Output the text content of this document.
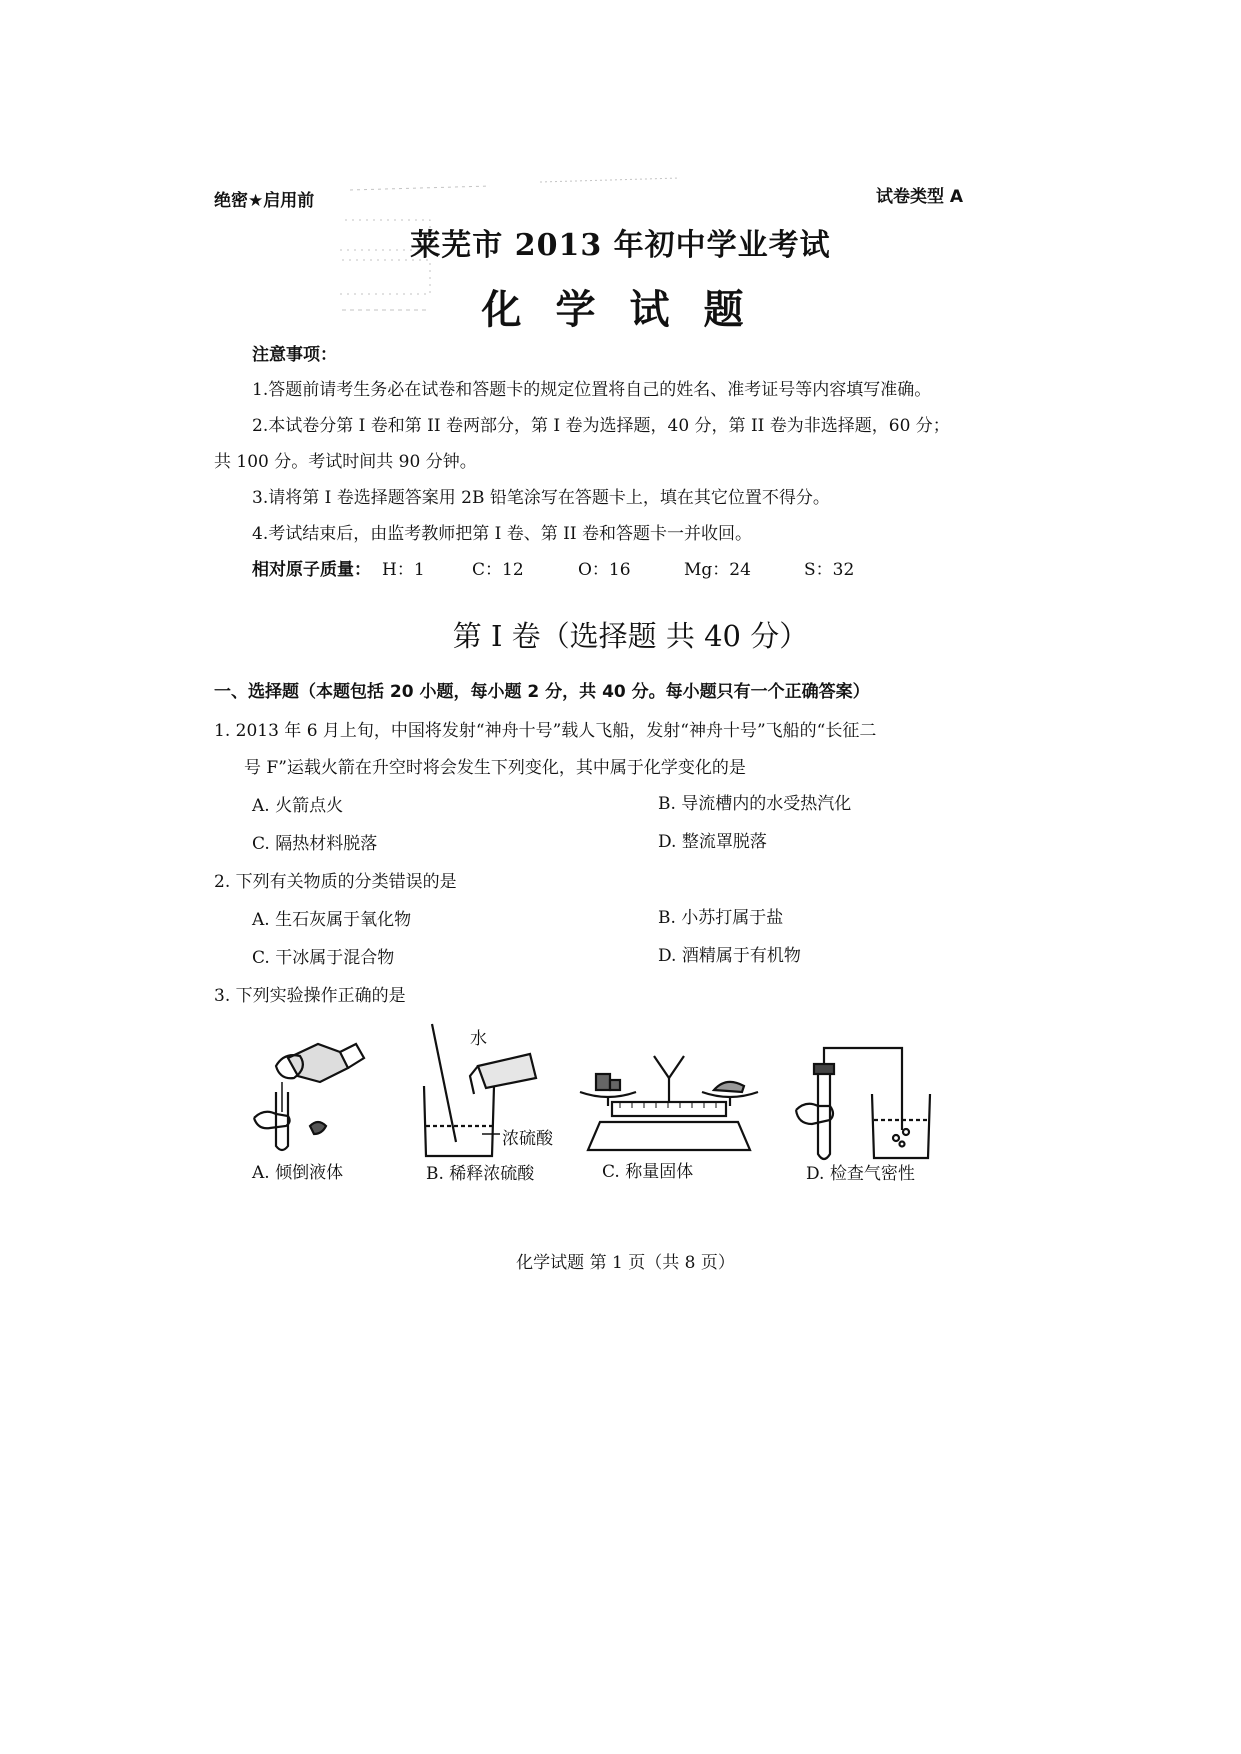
绝密★启用前	试卷类型 A
莱芜市 2013 年初中学业考试
化学试题
注意事项：
1.答题前请考生务必在试卷和答题卡的规定位置将自己的姓名、准考证号等内容填写准确。
2.本试卷分第 I 卷和第 II 卷两部分，第 I 卷为选择题，40 分，第 II 卷为非选择题，60 分；
共 100 分。考试时间共 90 分钟。
3.请将第 I 卷选择题答案用 2B 铅笔涂写在答题卡上，填在其它位置不得分。
4.考试结束后，由监考教师把第 I 卷、第 II 卷和答题卡一并收回。
相对原子质量： H：1	C：12	O：16	Mg：24	S：32
第 I 卷（选择题 共 40 分）
一、选择题（本题包括 20 小题，每小题 2 分，共 40 分。每小题只有一个正确答案）
1. 2013 年 6 月上旬，中国将发射“神舟十号”载人飞船，发射“神舟十号”飞船的“长征二
号 F”运载火箭在升空时将会发生下列变化，其中属于化学变化的是
A. 火箭点火	B. 导流槽内的水受热汽化
C. 隔热材料脱落	D. 整流罩脱落
2. 下列有关物质的分类错误的是
A. 生石灰属于氧化物	B. 小苏打属于盐
C. 干冰属于混合物	D. 酒精属于有机物
3. 下列实验操作正确的是
水
浓硫酸
A. 倾倒液体	B. 稀释浓硫酸	C. 称量固体	D. 检查气密性
化学试题 第 1 页（共 8 页）
